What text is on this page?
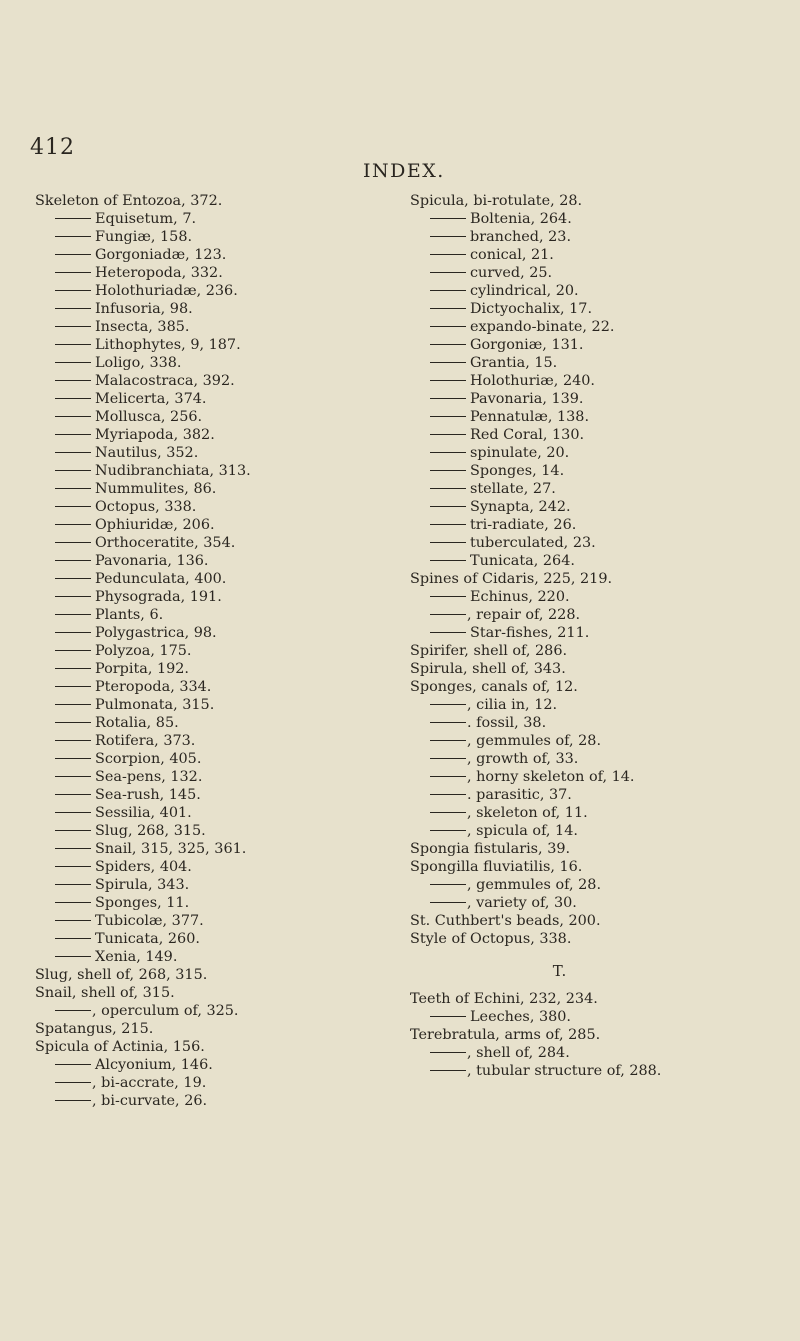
412
INDEX.
Skeleton of Entozoa, 372.
Equisetum, 7.
Fungiæ, 158.
Gorgoniadæ, 123.
Heteropoda, 332.
Holothuriadæ, 236.
Infusoria, 98.
Insecta, 385.
Lithophytes, 9, 187.
Loligo, 338.
Malacostraca, 392.
Melicerta, 374.
Mollusca, 256.
Myriapoda, 382.
Nautilus, 352.
Nudibranchiata, 313.
Nummulites, 86.
Octopus, 338.
Ophiuridæ, 206.
Orthoceratite, 354.
Pavonaria, 136.
Pedunculata, 400.
Physograda, 191.
Plants, 6.
Polygastrica, 98.
Polyzoa, 175.
Porpita, 192.
Pteropoda, 334.
Pulmonata, 315.
Rotalia, 85.
Rotifera, 373.
Scorpion, 405.
Sea-pens, 132.
Sea-rush, 145.
Sessilia, 401.
Slug, 268, 315.
Snail, 315, 325, 361.
Spiders, 404.
Spirula, 343.
Sponges, 11.
Tubicolæ, 377.
Tunicata, 260.
Xenia, 149.
Slug, shell of, 268, 315.
Snail, shell of, 315.
, operculum of, 325.
Spatangus, 215.
Spicula of Actinia, 156.
Alcyonium, 146.
, bi-accrate, 19.
, bi-curvate, 26.
Spicula, bi-rotulate, 28.
Boltenia, 264.
branched, 23.
conical, 21.
curved, 25.
cylindrical, 20.
Dictyochalix, 17.
expando-binate, 22.
Gorgoniæ, 131.
Grantia, 15.
Holothuriæ, 240.
Pavonaria, 139.
Pennatulæ, 138.
Red Coral, 130.
spinulate, 20.
Sponges, 14.
stellate, 27.
Synapta, 242.
tri-radiate, 26.
tuberculated, 23.
Tunicata, 264.
Spines of Cidaris, 225, 219.
Echinus, 220.
, repair of, 228.
Star-fishes, 211.
Spirifer, shell of, 286.
Spirula, shell of, 343.
Sponges, canals of, 12.
, cilia in, 12.
. fossil, 38.
, gemmules of, 28.
, growth of, 33.
, horny skeleton of, 14.
. parasitic, 37.
, skeleton of, 11.
, spicula of, 14.
Spongia fistularis, 39.
Spongilla fluviatilis, 16.
, gemmules of, 28.
, variety of, 30.
St. Cuthbert's beads, 200.
Style of Octopus, 338.
T.
Teeth of Echini, 232, 234.
Leeches, 380.
Terebratula, arms of, 285.
, shell of, 284.
, tubular structure of, 288.
